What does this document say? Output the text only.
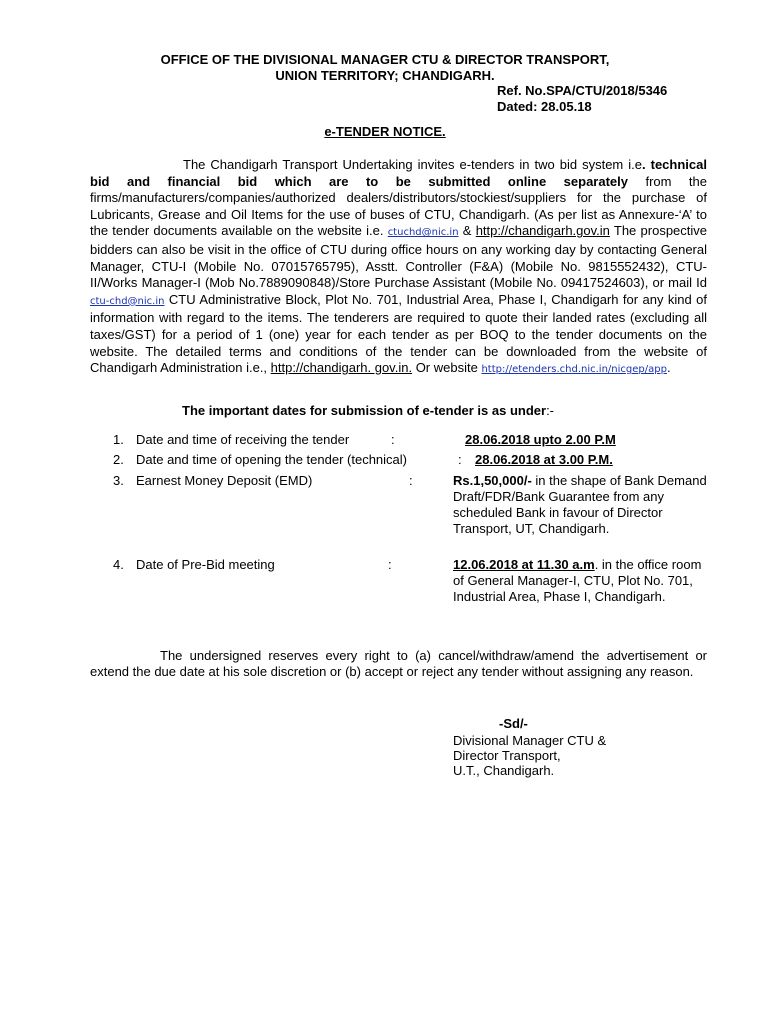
OFFICE OF THE DIVISIONAL MANAGER CTU & DIRECTOR TRANSPORT,
UNION TERRITORY; CHANDIGARH.
Ref. No.SPA/CTU/2018/5346
Dated: 28.05.18
e-TENDER NOTICE.

The Chandigarh Transport Undertaking invites e-tenders in two bid system i.e. technical bid and financial bid which are to be submitted online separately from the firms/manufacturers/companies/authorized dealers/distributors/stockiest/suppliers for the purchase of Lubricants, Grease and Oil Items for the use of buses of CTU, Chandigarh. (As per list as Annexure-‘A’ to the tender documents available on the website i.e. ctuchd@nic.in & http://chandigarh.gov.in The prospective bidders can also be visit in the office of CTU during office hours on any working day by contacting General Manager, CTU-I (Mobile No. 07015765795), Asstt. Controller (F&A) (Mobile No. 9815552432), CTU-II/Works Manager-I (Mob No.7889090848)/Store Purchase Assistant (Mobile No. 09417524603), or mail Id ctu-chd@nic.in CTU Administrative Block, Plot No. 701, Industrial Area, Phase I, Chandigarh for any kind of information with regard to the items. The tenderers are required to quote their landed rates (excluding all taxes/GST) for a period of 1 (one) year for each tender as per BOQ to the tender documents on the website. The detailed terms and conditions of the tender can be downloaded from the website of Chandigarh Administration i.e., http://chandigarh. gov.in. Or website http://etenders.chd.nic.in/nicgep/app.

The important dates for submission of e-tender is as under:-
1. Date and time of receiving the tender	:	28.06.2018 upto 2.00 P.M
2. Date and time of opening the tender (technical)	: 28.06.2018 at 3.00 P.M.
3. Earnest Money Deposit (EMD)	:	Rs.1,50,000/- in the shape of Bank Demand Draft/FDR/Bank Guarantee from any scheduled Bank in favour of Director Transport, UT, Chandigarh.
4. Date of Pre-Bid meeting	:	12.06.2018 at 11.30 a.m. in the office room of General Manager-I, CTU, Plot No. 701, Industrial Area, Phase I, Chandigarh.
The undersigned reserves every right to (a) cancel/withdraw/amend the advertisement or extend the due date at his sole discretion or (b) accept or reject any tender without assigning any reason.
-Sd/-
Divisional Manager CTU &
Director Transport,
U.T., Chandigarh.
